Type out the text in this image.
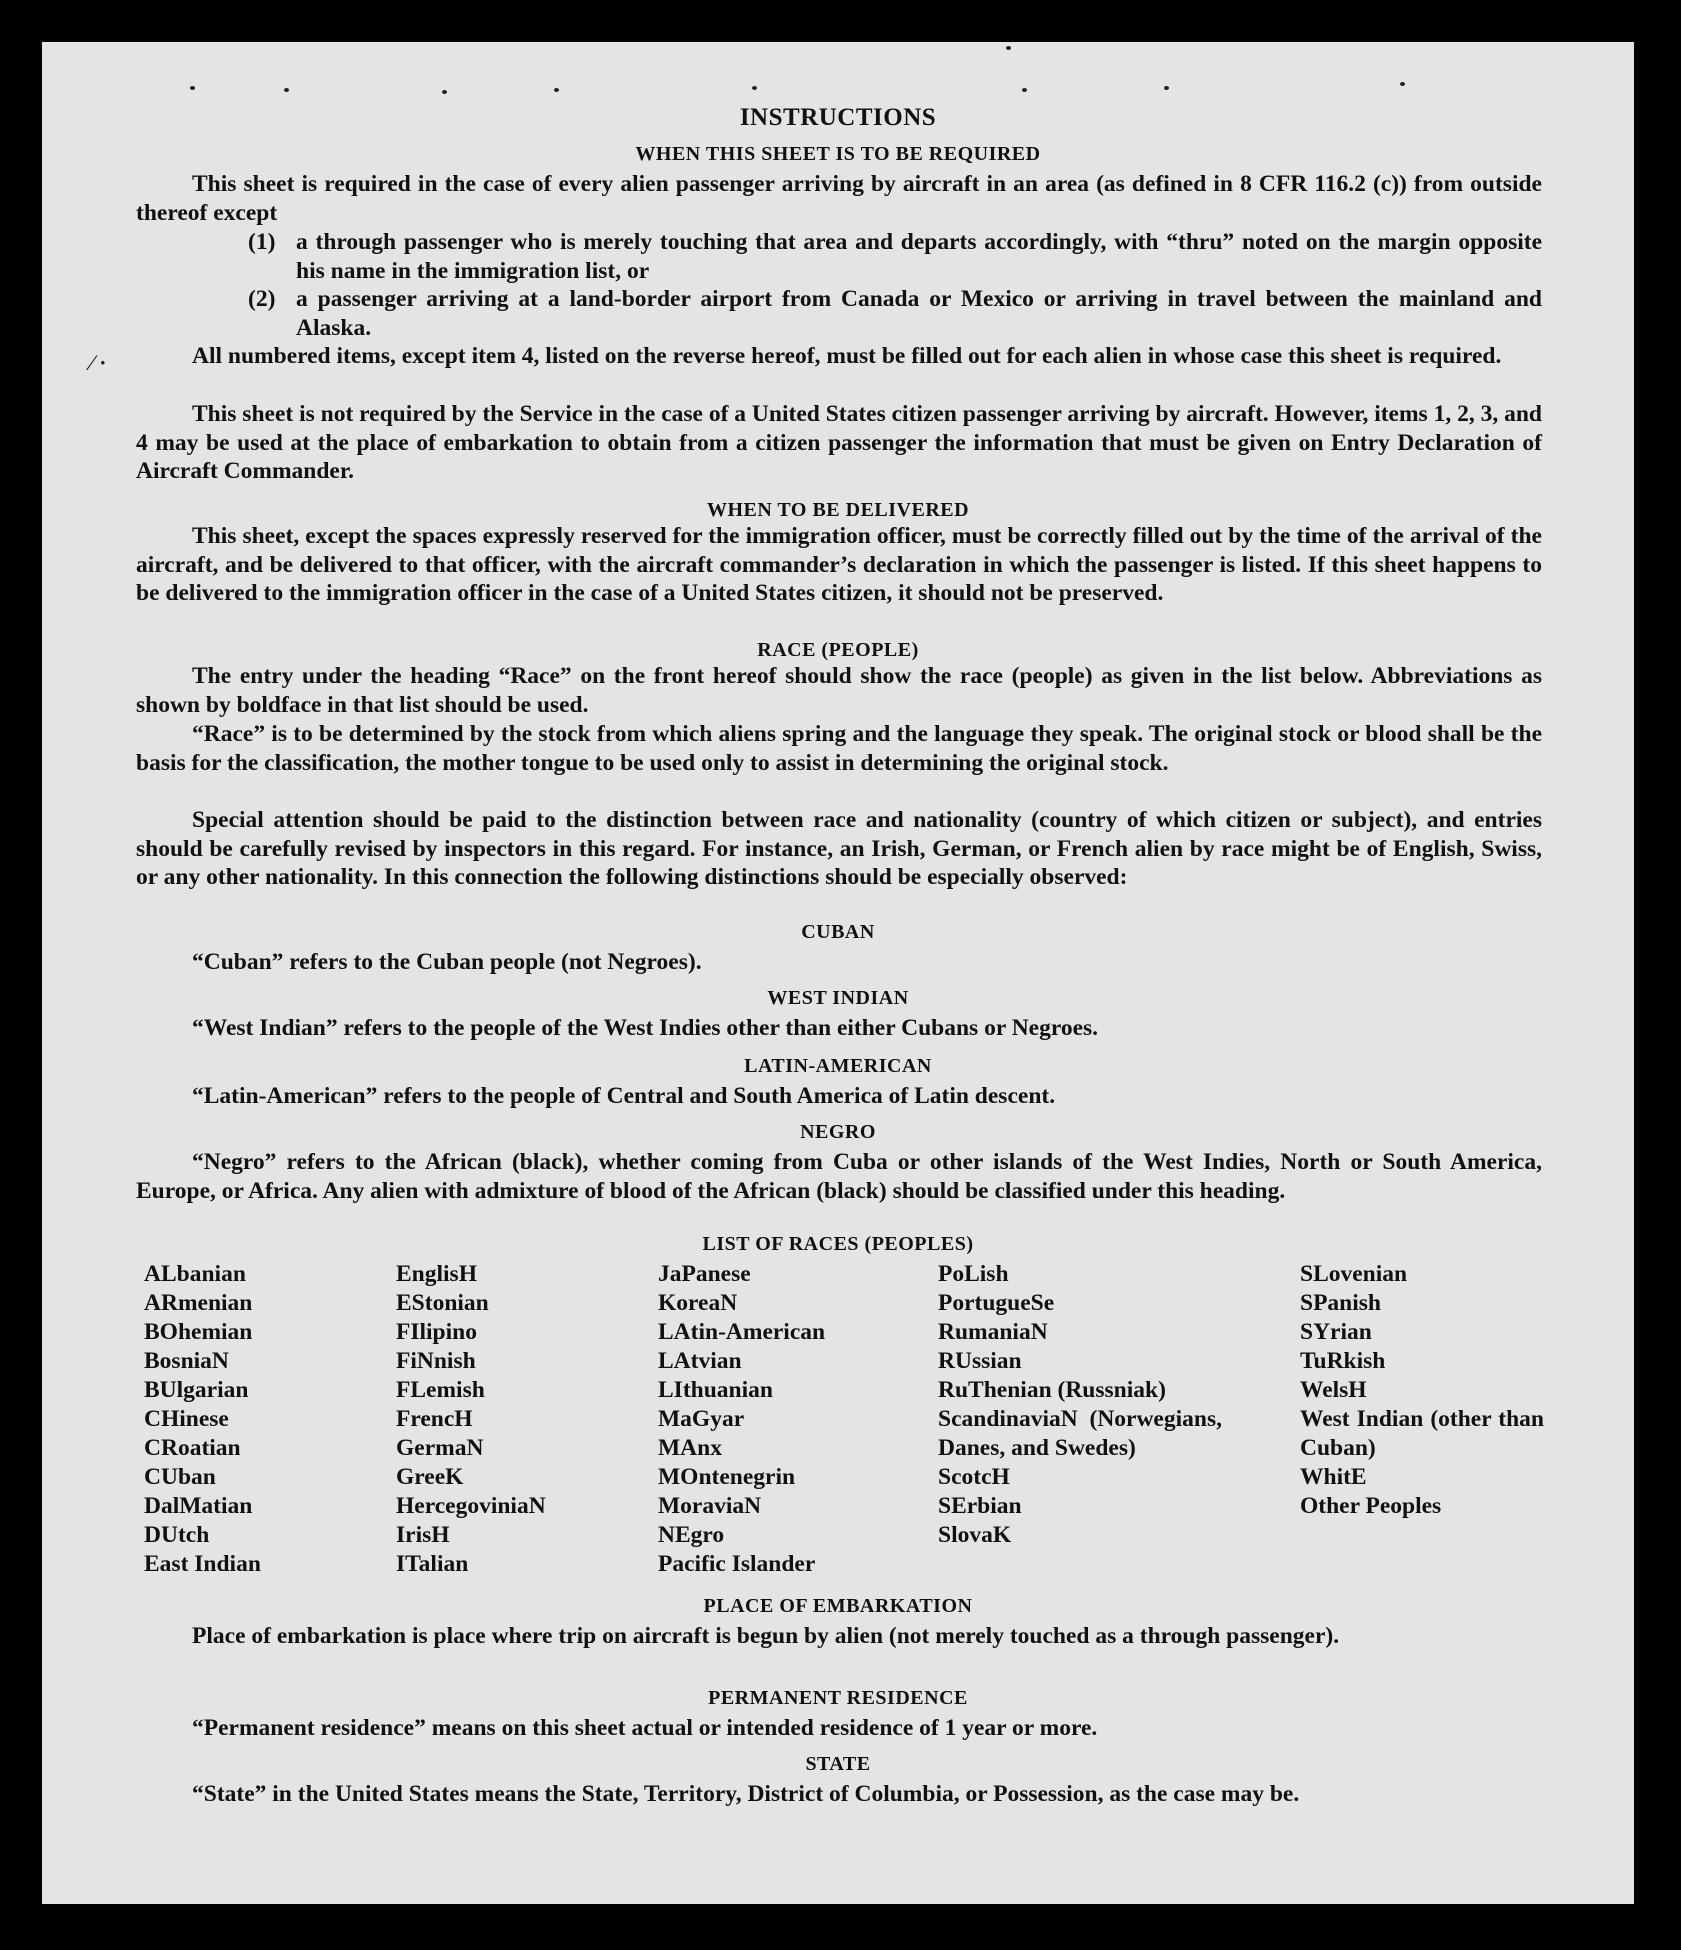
⁄ ·
INSTRUCTIONS
WHEN THIS SHEET IS TO BE REQUIRED
This sheet is required in the case of every alien passenger arriving by aircraft in an area (as defined in 8 CFR 116.2 (c)) from outside thereof except
(1) a through passenger who is merely touching that area and departs accordingly, with “thru” noted on the margin opposite his name in the immigration list, or
(2) a passenger arriving at a land-border airport from Canada or Mexico or arriving in travel between the mainland and Alaska.
All numbered items, except item 4, listed on the reverse hereof, must be filled out for each alien in whose case this sheet is required.
This sheet is not required by the Service in the case of a United States citizen passenger arriving by aircraft. However, items 1, 2, 3, and 4 may be used at the place of embarkation to obtain from a citizen passenger the information that must be given on Entry Declaration of Aircraft Commander.
WHEN TO BE DELIVERED
This sheet, except the spaces expressly reserved for the immigration officer, must be correctly filled out by the time of the arrival of the aircraft, and be delivered to that officer, with the aircraft commander’s declaration in which the passenger is listed. If this sheet happens to be delivered to the immigration officer in the case of a United States citizen, it should not be preserved.
RACE (PEOPLE)
The entry under the heading “Race” on the front hereof should show the race (people) as given in the list below. Abbreviations as shown by boldface in that list should be used.
“Race” is to be determined by the stock from which aliens spring and the language they speak. The original stock or blood shall be the basis for the classification, the mother tongue to be used only to assist in determining the original stock.
Special attention should be paid to the distinction between race and nationality (country of which citizen or subject), and entries should be carefully revised by inspectors in this regard. For instance, an Irish, German, or French alien by race might be of English, Swiss, or any other nationality. In this connection the following distinctions should be especially observed:
CUBAN
“Cuban” refers to the Cuban people (not Negroes).
WEST INDIAN
“West Indian” refers to the people of the West Indies other than either Cubans or Negroes.
LATIN-AMERICAN
“Latin-American” refers to the people of Central and South America of Latin descent.
NEGRO
“Negro” refers to the African (black), whether coming from Cuba or other islands of the West Indies, North or South America, Europe, or Africa. Any alien with admixture of blood of the African (black) should be classified under this heading.
LIST OF RACES (PEOPLES)
ALbanian
ARmenian
BOhemian
BosniaN
BUlgarian
CHinese
CRoatian
CUban
DalMatian
DUtch
East Indian
EnglisH
EStonian
FIlipino
FiNnish
FLemish
FrencH
GermaN
GreeK
HercegoviniaN
IrisH
ITalian
JaPanese
KoreaN
LAtin-American
LAtvian
LIthuanian
MaGyar
MAnx
MOntenegrin
MoraviaN
NEgro
Pacific Islander
PoLish
PortugueSe
RumaniaN
RUssian
RuThenian (Russniak)
ScandinaviaN (Norwegians, Danes, and Swedes)
ScotcH
SErbian
SlovaK
SLovenian
SPanish
SYrian
TuRkish
WelsH
West Indian (other than Cuban)
WhitE
Other Peoples
PLACE OF EMBARKATION
Place of embarkation is place where trip on aircraft is begun by alien (not merely touched as a through passenger).
PERMANENT RESIDENCE
“Permanent residence” means on this sheet actual or intended residence of 1 year or more.
STATE
“State” in the United States means the State, Territory, District of Columbia, or Possession, as the case may be.
